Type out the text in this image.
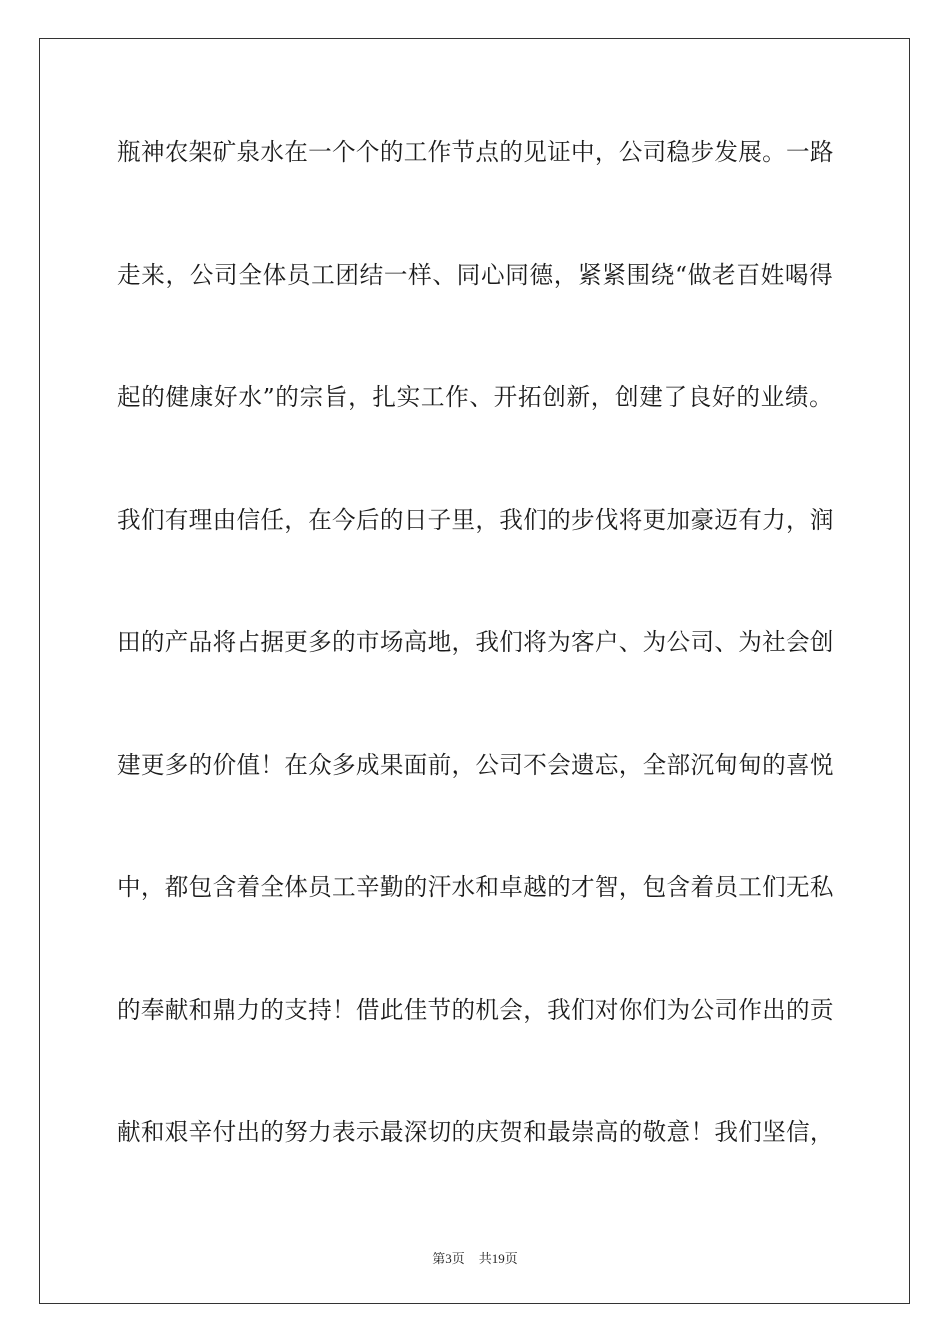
瓶神农架矿泉水在一个个的工作节点的见证中，公司稳步发展。一路
走来，公司全体员工团结一样、同心同德，紧紧围绕“做老百姓喝得
起的健康好水”的宗旨，扎实工作、开拓创新，创建了良好的业绩。
我们有理由信任，在今后的日子里，我们的步伐将更加豪迈有力，润
田的产品将占据更多的市场高地，我们将为客户、为公司、为社会创
建更多的价值！在众多成果面前，公司不会遗忘，全部沉甸甸的喜悦
中，都包含着全体员工辛勤的汗水和卓越的才智，包含着员工们无私
的奉献和鼎力的支持！借此佳节的机会，我们对你们为公司作出的贡
献和艰辛付出的努力表示最深切的庆贺和最崇高的敬意！我们坚信，
第3页 共19页
